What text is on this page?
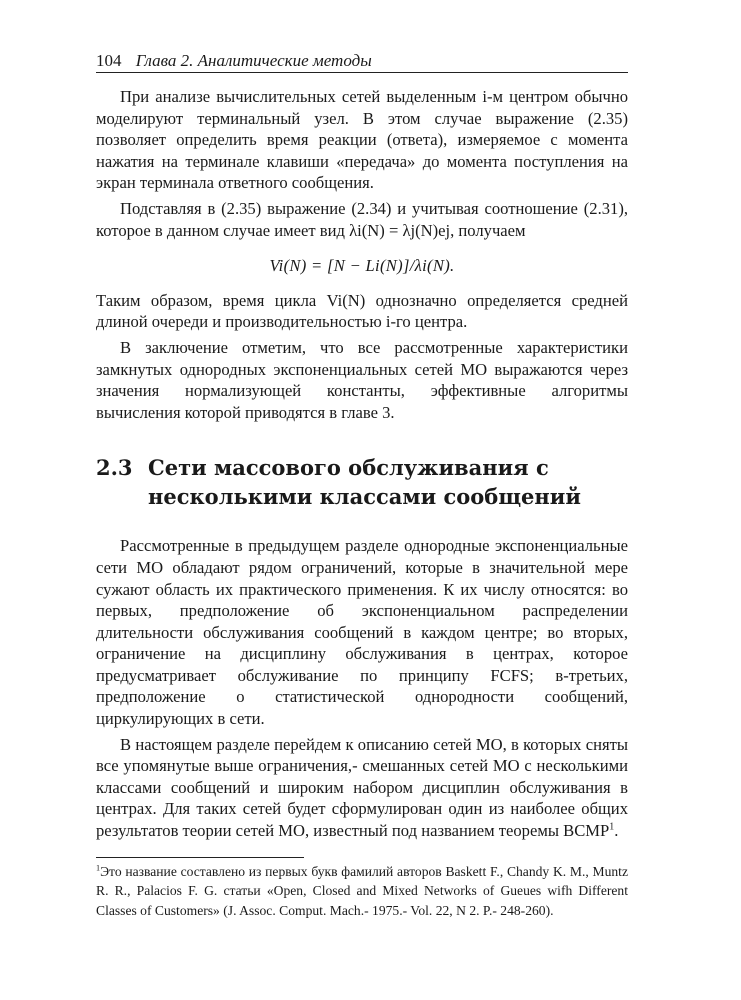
104 Глава 2. Аналитические методы

При анализе вычислительных сетей выделенным i-м центром обычно моделируют терминальный узел. В этом случае выражение (2.35) позволяет определить время реакции (ответа), измеряемое с момента нажатия на терминале клавиши «передача» до момента поступления на экран терминала ответного сообщения.

Подставляя в (2.35) выражение (2.34) и учитывая соотношение (2.31), которое в данном случае имеет вид λi(N) = λj(N)ej, получаем

Vi(N) = [N − Li(N)]/λi(N).

Таким образом, время цикла Vi(N) однозначно определяется средней длиной очереди и производительностью i-го центра.

В заключение отметим, что все рассмотренные характеристики замкнутых однородных экспоненциальных сетей МО выражаются через значения нормализующей константы, эффективные алгоритмы вычисления которой приводятся в главе 3.

2.3 Сети массового обслуживания с несколькими классами сообщений

Рассмотренные в предыдущем разделе однородные экспоненциальные сети МО обладают рядом ограничений, которые в значительной мере сужают область их практического применения. К их числу относятся: во первых, предположение об экспоненциальном распределении длительности обслуживания сообщений в каждом центре; во вторых, ограничение на дисциплину обслуживания в центрах, которое предусматривает обслуживание по принципу FCFS; в-третьих, предположение о статистической однородности сообщений, циркулирующих в сети.

В настоящем разделе перейдем к описанию сетей МО, в которых сняты все упомянутые выше ограничения,- смешанных сетей МО с несколькими классами сообщений и широким набором дисциплин обслуживания в центрах. Для таких сетей будет сформулирован один из наиболее общих результатов теории сетей МО, известный под названием теоремы BCMP$^1$.

$^1$Это название составлено из первых букв фамилий авторов Baskett F., Chandy K. M., Muntz R. R., Palacios F. G. статьи «Open, Closed and Mixed Networks of Gueues wifh Different Classes of Customers» (J. Assoc. Comput. Mach.- 1975.- Vol. 22, N 2. P.- 248-260).
